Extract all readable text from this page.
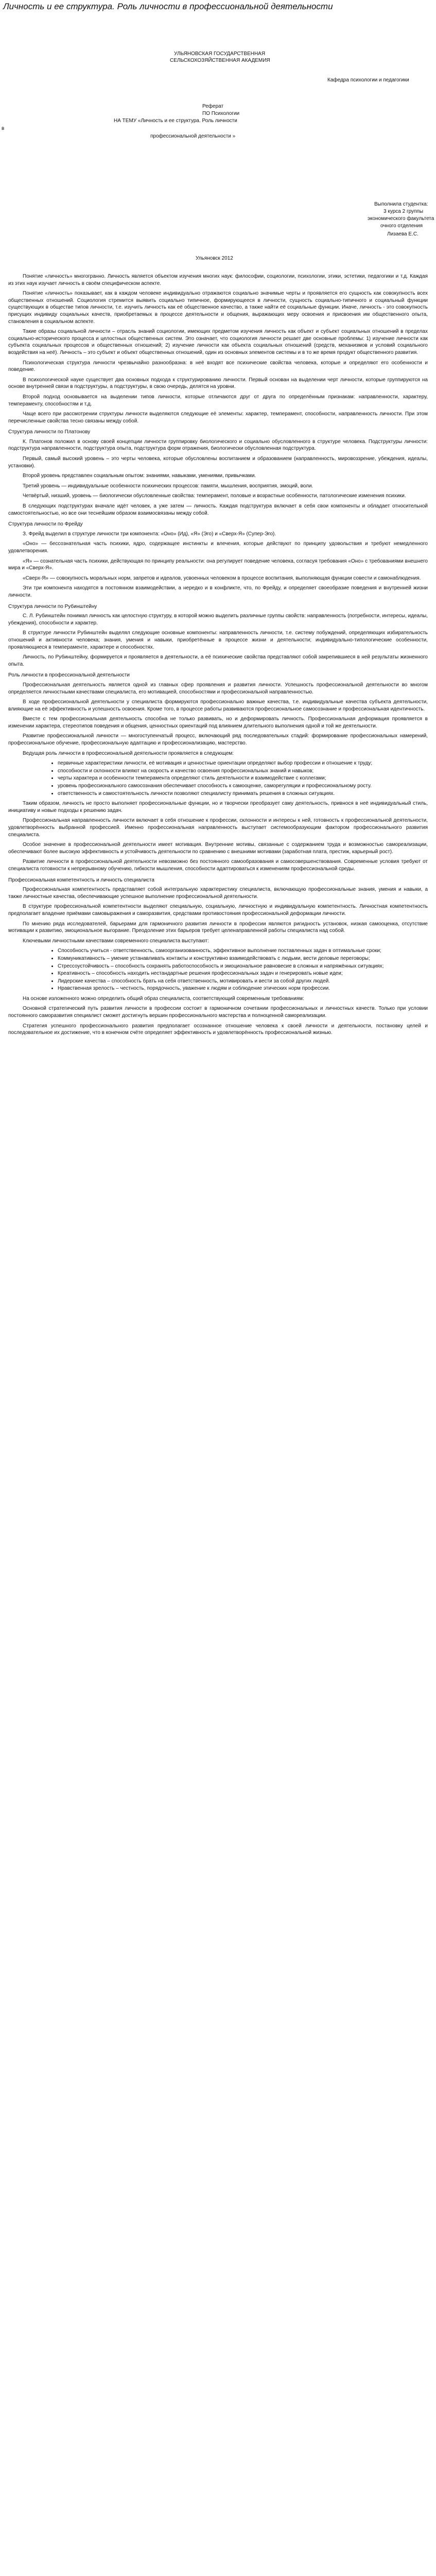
Личность и ее структура. Роль личности в профессиональной деятельности
УЛЬЯНОВСКАЯ ГОСУДАРСТВЕННАЯ
СЕЛЬСКОХОЗЯЙСТВЕННАЯ АКАДЕМИЯ
Кафедра психологии и педагогики
Реферат
ПО Психологии
НА ТЕМУ «Личность и ее структура. Роль личности
в
профессиональной деятельности »
Выполнила студентка:
3 курса 2 группы
экономического факультета
очного отделения
Лизаева Е.С.
Ульяновск 2012

Понятие «личность» многогранно. Личность является объектом изучения многих наук: философии, социологии, психологии, этики, эстетики, педагогики и т.д. Каждая из этих наук изучает личность в своём специфическом аспекте.

Понятие «личность» показывает, как в каждом человеке индивидуально отражаются социально значимые черты и проявляется его сущность как совокупность всех общественных отношений. Социология стремится выявить социально типичное, формирующееся в личности, сущность социально-типичного и социальный функции существующих в обществе типов личности, т.е. изучить личность как её общественное качество, а также найти её социальные функции. Иначе, личность - это совокупность присущих индивиду социальных качеств, приобретаемых в процессе деятельности и общения, выражающих меру освоения и присвоения им общественного опыта, становления в социальном аспекте.

Такие образы социальной личности – отрасль знаний социологии, имеющих предметом изучения личность как объект и субъект социальных отношений в пределах социально-исторического процесса и целостных общественных систем. Это означает, что социология личности решает две основные проблемы: 1) изучение личности как субъекта социальных процессов и общественных отношений; 2) изучение личности как объекта социальных отношений (средств, механизмов и условий социального воздействия на неё). Личность – это субъект и объект общественных отношений, один из основных элементов системы и в то же время продукт общественного развития.

Психологическая структура личности чрезвычайно разнообразна: в неё входят все психические свойства человека, которые и определяют его особенности и поведение.

В психологической науке существует два основных подхода к структурированию личности. Первый основан на выделении черт личности, которые группируются на основе внутренней связи в подструктуры, а подструктуры, в свою очередь, делятся на уровни.

Второй подход основывается на выделении типов личности, которые отличаются друг от друга по определённым признакам: направленности, характеру, темпераменту, способностям и т.д.

Чаще всего при рассмотрении структуры личности выделяются следующие её элементы: характер, темперамент, способности, направленность личности. При этом перечисленные свойства тесно связаны между собой.

Структура личности по Платонову

К. Платонов положил в основу своей концепции личности группировку биологического и социально обусловленного в структуре человека. Подструктуры личности: подструктура направленности, подструктура опыта, подструктура форм отражения, биологически обусловленная подструктура.

Первый, самый высокий уровень – это черты человека, которые обусловлены воспитанием и образованием (направленность, мировоззрение, убеждения, идеалы, установки).

Второй уровень представлен социальным опытом: знаниями, навыками, умениями, привычками.

Третий уровень — индивидуальные особенности психических процессов: памяти, мышления, восприятия, эмоций, воли.

Четвёртый, низший, уровень — биологически обусловленные свойства: темперамент, половые и возрастные особенности, патологические изменения психики.

В следующих подструктурах вначале идёт человек, а уже затем — личность. Каждая подструктура включает в себя свои компоненты и обладает относительной самостоятельностью, но все они теснейшим образом взаимосвязаны между собой.

Структура личности по Фрейду

З. Фрейд выделил в структуре личности три компонента: «Оно» (Ид), «Я» (Эго) и «Сверх-Я» (Супер-Эго).

«Оно» — бессознательная часть психики, ядро, содержащее инстинкты и влечения, которые действуют по принципу удовольствия и требуют немедленного удовлетворения.

«Я» — сознательная часть психики, действующая по принципу реальности: она регулирует поведение человека, согласуя требования «Оно» с требованиями внешнего мира и «Сверх-Я».

«Сверх-Я» — совокупность моральных норм, запретов и идеалов, усвоенных человеком в процессе воспитания, выполняющая функции совести и самонаблюдения.

Эти три компонента находятся в постоянном взаимодействии, а нередко и в конфликте, что, по Фрейду, и определяет своеобразие поведения и внутренней жизни личности.

Структура личности по Рубинштейну

С. Л. Рубинштейн понимал личность как целостную структуру, в которой можно выделить различные группы свойств: направленность (потребности, интересы, идеалы, убеждения), способности и характер.

В структуре личности Рубинштейн выделял следующие основные компоненты: направленность личности, т.е. систему побуждений, определяющих избирательность отношений и активности человека; знания, умения и навыки, приобретённые в процессе жизни и деятельности; индивидуально-типологические особенности, проявляющиеся в темпераменте, характере и способностях.

Личность, по Рубинштейну, формируется и проявляется в деятельности, а её психические свойства представляют собой закрепившиеся в ней результаты жизненного опыта.

Роль личности в профессиональной деятельности

Профессиональная деятельность является одной из главных сфер проявления и развития личности. Успешность профессиональной деятельности во многом определяется личностными качествами специалиста, его мотивацией, способностями и профессиональной направленностью.

В ходе профессиональной деятельности у специалиста формируются профессионально важные качества, т.е. индивидуальные качества субъекта деятельности, влияющие на её эффективность и успешность освоения. Кроме того, в процессе работы развиваются профессиональное самосознание и профессиональная идентичность.

Вместе с тем профессиональная деятельность способна не только развивать, но и деформировать личность. Профессиональная деформация проявляется в изменении характера, стереотипов поведения и общения, ценностных ориентаций под влиянием длительного выполнения одной и той же деятельности.

Развитие профессиональной личности — многоступенчатый процесс, включающий ряд последовательных стадий: формирование профессиональных намерений, профессиональное обучение, профессиональную адаптацию и профессионализацию, мастерство.

Ведущая роль личности в профессиональной деятельности проявляется в следующем:

• первичные характеристики личности, её мотивация и ценностные ориентации определяют выбор профессии и отношение к труду;
• способности и склонности влияют на скорость и качество освоения профессиональных знаний и навыков;
• черты характера и особенности темперамента определяют стиль деятельности и взаимодействие с коллегами;
• уровень профессионального самосознания обеспечивает способность к самооценке, саморегуляции и профессиональному росту.
• ответственность и самостоятельность личности позволяют специалисту принимать решения в сложных ситуациях.

Таким образом, личность не просто выполняет профессиональные функции, но и творчески преобразует саму деятельность, привнося в неё индивидуальный стиль, инициативу и новые подходы к решению задач.

Профессиональная направленность личности включает в себя отношение к профессии, склонности и интересы к ней, готовность к профессиональной деятельности, удовлетворённость выбранной профессией. Именно профессиональная направленность выступает системообразующим фактором профессионального развития специалиста.

Особое значение в профессиональной деятельности имеет мотивация. Внутренние мотивы, связанные с содержанием труда и возможностью самореализации, обеспечивают более высокую эффективность и устойчивость деятельности по сравнению с внешними мотивами (заработная плата, престиж, карьерный рост).

Развитие личности в профессиональной деятельности невозможно без постоянного самообразования и самосовершенствования. Современные условия требуют от специалиста готовности к непрерывному обучению, гибкости мышления, способности адаптироваться к изменениям профессиональной среды.

Профессиональная компетентность и личность специалиста

Профессиональная компетентность представляет собой интегральную характеристику специалиста, включающую профессиональные знания, умения и навыки, а также личностные качества, обеспечивающие успешное выполнение профессиональной деятельности.

В структуре профессиональной компетентности выделяют специальную, социальную, личностную и индивидуальную компетентность. Личностная компетентность предполагает владение приёмами самовыражения и саморазвития, средствами противостояния профессиональной деформации личности.

По мнению ряда исследователей, барьерами для гармоничного развития личности в профессии являются ригидность установок, низкая самооценка, отсутствие мотивации к развитию, эмоциональное выгорание. Преодоление этих барьеров требует целенаправленной работы специалиста над собой.

Ключевыми личностными качествами современного специалиста выступают:

• Способность учиться - ответственность, самоорганизованность, эффективное выполнение поставленных задач в оптимальные сроки;
• Коммуникативность – умение устанавливать контакты и конструктивно взаимодействовать с людьми, вести деловые переговоры;
• Стрессоустойчивость – способность сохранять работоспособность и эмоциональное равновесие в сложных и напряжённых ситуациях;
• Креативность – способность находить нестандартные решения профессиональных задач и генерировать новые идеи;
• Лидерские качества – способность брать на себя ответственность, мотивировать и вести за собой других людей.
• Нравственная зрелость – честность, порядочность, уважение к людям и соблюдение этических норм профессии.

На основе изложенного можно определить общий образ специалиста, соответствующий современным требованиям:

Основной стратегический путь развития личности в профессии состоит в гармоничном сочетании профессиональных и личностных качеств. Только при условии постоянного саморазвития специалист сможет достигнуть вершин профессионального мастерства и полноценной самореализации.

Стратегия успешного профессионального развития предполагает осознанное отношение человека к своей личности и деятельности, постановку целей и последовательное их достижение, что в конечном счёте определяет эффективность и удовлетворённость профессиональной жизнью.
